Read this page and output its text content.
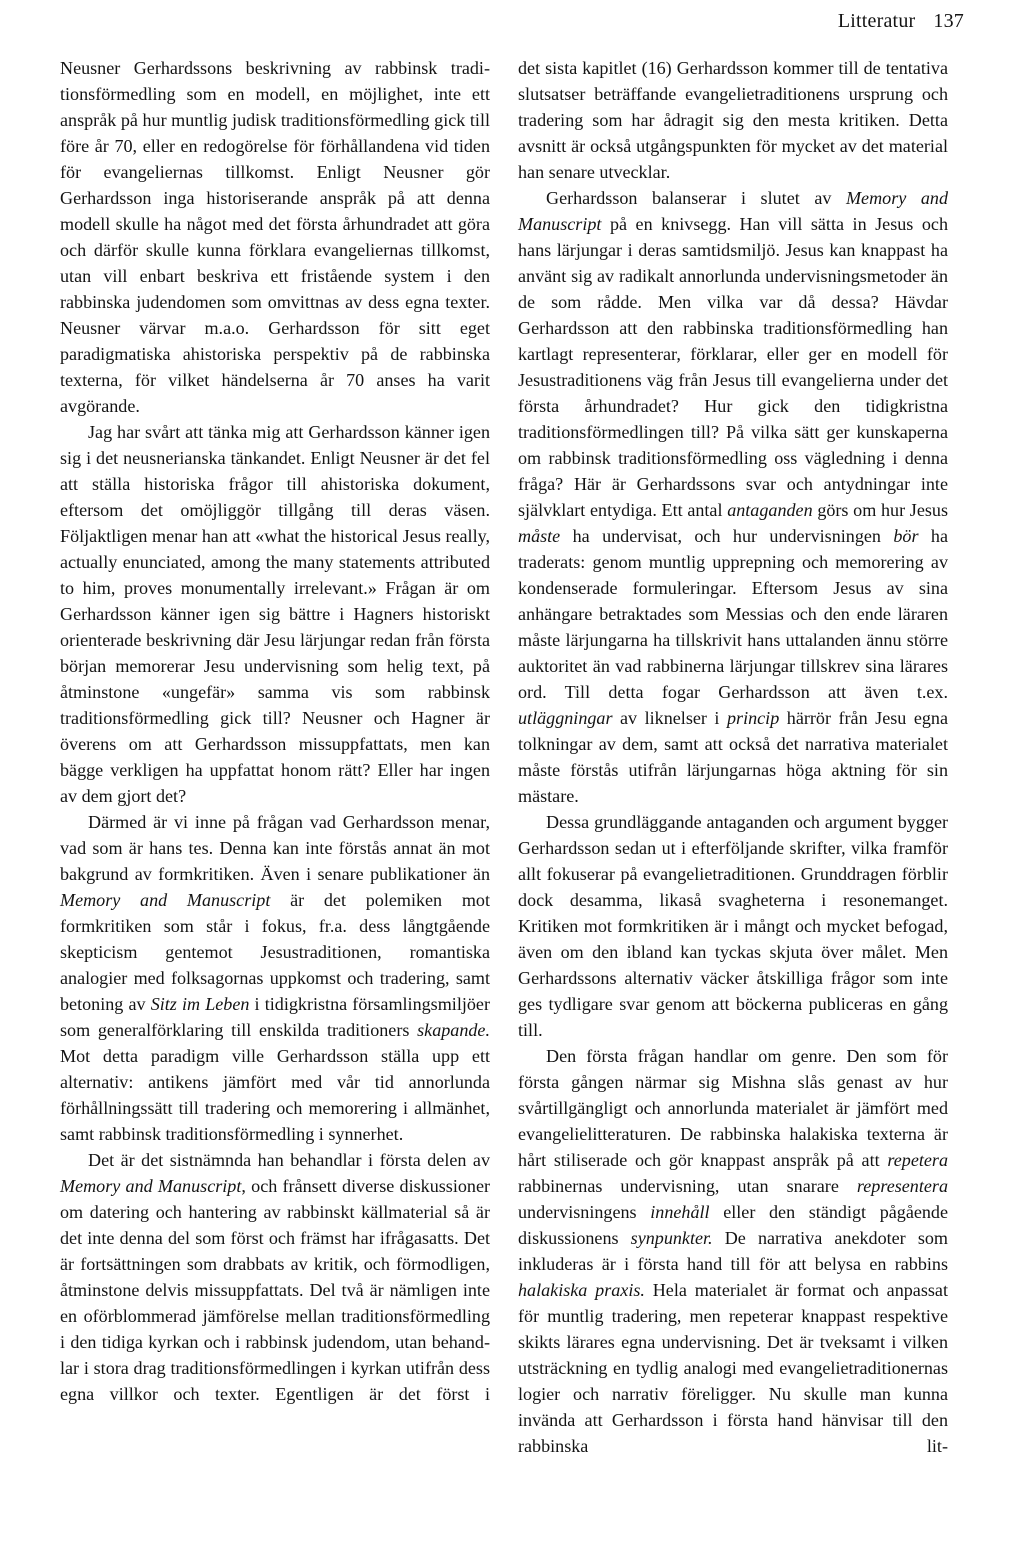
Litteratur 137

Neusner Gerhardssons beskrivning av rabbinsk traditionsförmedling som en modell, en möjlighet, inte ett anspråk på hur muntlig judisk traditionsförmedling gick till före år 70, eller en redogörelse för förhållandena vid tiden för evangeliernas tillkomst. Enligt Neusner gör Gerhardsson inga historiserande anspråk på att denna modell skulle ha något med det första århundradet att göra och därför skulle kunna förklara evangeliernas tillkomst, utan vill enbart beskriva ett fristående system i den rabbinska judendomen som omvittnas av dess egna texter. Neusner värvar m.a.o. Gerhardsson för sitt eget paradigmatiska ahistoriska perspektiv på de rabbinska texterna, för vilket händelserna år 70 anses ha varit avgörande.

Jag har svårt att tänka mig att Gerhardsson känner igen sig i det neusnerianska tänkandet. Enligt Neusner är det fel att ställa historiska frågor till ahistoriska dokument, eftersom det omöjliggör tillgång till deras väsen. Följaktligen menar han att «what the historical Jesus really, actually enunciated, among the many statements attributed to him, proves monumentally irrelevant.» Frågan är om Gerhardsson känner igen sig bättre i Hagners historiskt orienterade beskrivning där Jesu lärjungar redan från första början memorerar Jesu undervisning som helig text, på åtminstone «ungefär» samma vis som rabbinsk traditionsförmedling gick till? Neusner och Hagner är överens om att Gerhardsson missuppfattats, men kan bägge verkligen ha uppfattat honom rätt? Eller har ingen av dem gjort det?

Därmed är vi inne på frågan vad Gerhardsson menar, vad som är hans tes. Denna kan inte förstås annat än mot bakgrund av formkritiken. Även i senare publikationer än Memory and Manuscript är det polemiken mot formkritiken som står i fokus, fr.a. dess långtgående skepticism gentemot Jesustraditionen, romantiska analogier med folksagornas uppkomst och tradering, samt betoning av Sitz im Leben i tidigkristna församlingsmiljöer som generalförklaring till enskilda traditioners skapande. Mot detta paradigm ville Gerhardsson ställa upp ett alternativ: antikens jämfört med vår tid annorlunda förhållningssätt till tradering och memorering i allmänhet, samt rabbinsk traditionsförmedling i synnerhet.

Det är det sistnämnda han behandlar i första delen av Memory and Manuscript, och frånsett diverse diskussioner om datering och hantering av rabbinskt källmaterial så är det inte denna del som först och främst har ifrågasatts. Det är fortsättningen som drabbats av kritik, och förmodligen, åtminstone delvis missuppfattats. Del två är nämligen inte en oförblommerad jämförelse mellan traditionsförmedling i den tidiga kyrkan och i rabbinsk judendom, utan behandlar i stora drag traditionsförmedlingen i kyrkan utifrån dess egna villkor och texter. Egentligen är det först i

det sista kapitlet (16) Gerhardsson kommer till de tentativa slutsatser beträffande evangelietraditionens ursprung och tradering som har ådragit sig den mesta kritiken. Detta avsnitt är också utgångspunkten för mycket av det material han senare utvecklar.

Gerhardsson balanserar i slutet av Memory and Manuscript på en knivsegg. Han vill sätta in Jesus och hans lärjungar i deras samtidsmiljö. Jesus kan knappast ha använt sig av radikalt annorlunda undervisningsmetoder än de som rådde. Men vilka var då dessa? Hävdar Gerhardsson att den rabbinska traditionsförmedling han kartlagt representerar, förklarar, eller ger en modell för Jesustraditionens väg från Jesus till evangelierna under det första århundradet? Hur gick den tidigkristna traditionsförmedlingen till? På vilka sätt ger kunskaperna om rabbinsk traditionsförmedling oss vägledning i denna fråga? Här är Gerhardssons svar och antydningar inte självklart entydiga. Ett antal antaganden görs om hur Jesus måste ha undervisat, och hur undervisningen bör ha traderats: genom muntlig upprepning och memorering av kondenserade formuleringar. Eftersom Jesus av sina anhängare betraktades som Messias och den ende läraren måste lärjungarna ha tillskrivit hans uttalanden ännu större auktoritet än vad rabbinerna lärjungar tillskrev sina lärares ord. Till detta fogar Gerhardsson att även t.ex. utläggningar av liknelser i princip härrör från Jesu egna tolkningar av dem, samt att också det narrativa materialet måste förstås utifrån lärjungarnas höga aktning för sin mästare.

Dessa grundläggande antaganden och argument bygger Gerhardsson sedan ut i efterföljande skrifter, vilka framför allt fokuserar på evangelietraditionen. Grunddragen förblir dock desamma, likaså svagheterna i resonemanget. Kritiken mot formkritiken är i mångt och mycket befogad, även om den ibland kan tyckas skjuta över målet. Men Gerhardssons alternativ väcker åtskilliga frågor som inte ges tydligare svar genom att böckerna publiceras en gång till.

Den första frågan handlar om genre. Den som för första gången närmar sig Mishna slås genast av hur svårtillgängligt och annorlunda materialet är jämfört med evangelielitteraturen. De rabbinska halakiska texterna är hårt stiliserade och gör knappast anspråk på att repetera rabbinernas undervisning, utan snarare representera undervisningens innehåll eller den ständigt pågående diskussionens synpunkter. De narrativa anekdoter som inkluderas är i första hand till för att belysa en rabbins halakiska praxis. Hela materialet är format och anpassat för muntlig tradering, men repeterar knappast respektive skikts lärares egna undervisning. Det är tveksamt i vilken utsträckning en tydlig analogi med evangelietraditionernas logier och narrativ föreligger. Nu skulle man kunna invända att Gerhardsson i första hand hänvisar till den rabbinska lit-
